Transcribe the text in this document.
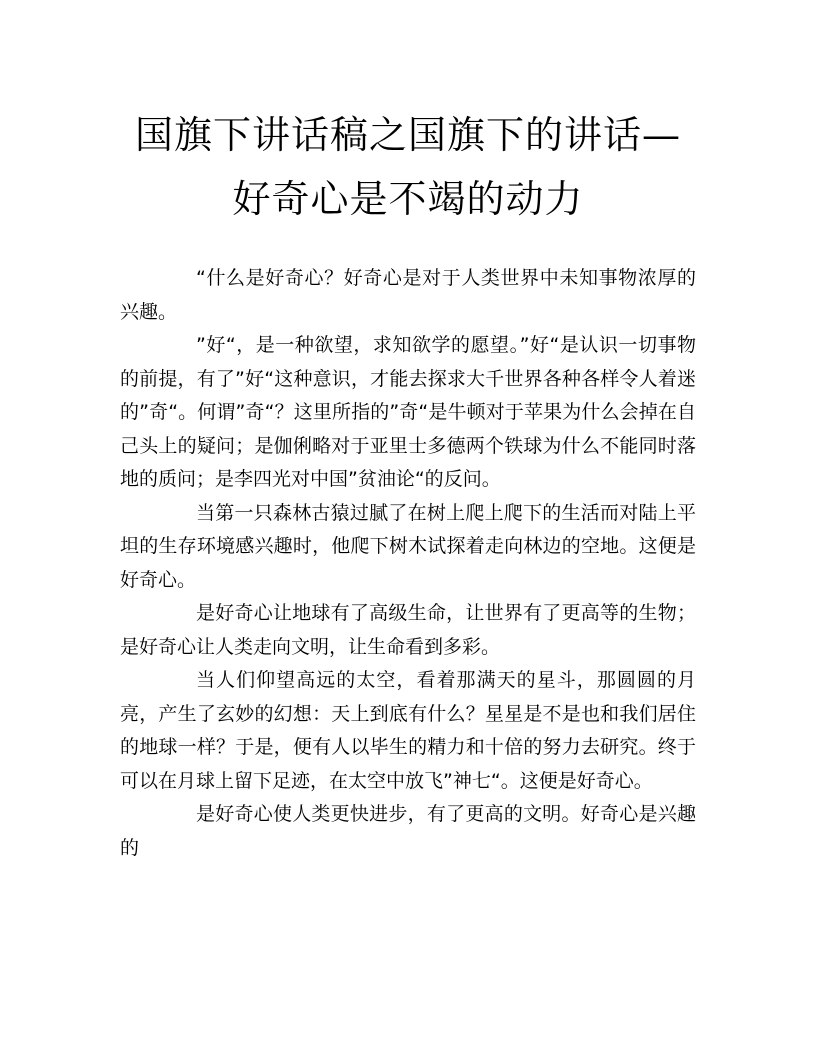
国旗下讲话稿之国旗下的讲话—好奇心是不竭的动力

“什么是好奇心？好奇心是对于人类世界中未知事物浓厚的兴趣。

”好“，是一种欲望，求知欲学的愿望。”好“是认识一切事物的前提，有了”好“这种意识，才能去探求大千世界各种各样令人着迷的”奇“。何谓”奇“？这里所指的”奇“是牛顿对于苹果为什么会掉在自己头上的疑问；是伽俐略对于亚里士多德两个铁球为什么不能同时落地的质问；是李四光对中国”贫油论“的反问。

当第一只森林古猿过腻了在树上爬上爬下的生活而对陆上平坦的生存环境感兴趣时，他爬下树木试探着走向林边的空地。这便是好奇心。

是好奇心让地球有了高级生命，让世界有了更高等的生物；是好奇心让人类走向文明，让生命看到多彩。

当人们仰望高远的太空，看着那满天的星斗，那圆圆的月亮，产生了玄妙的幻想：天上到底有什么？星星是不是也和我们居住的地球一样？于是，便有人以毕生的精力和十倍的努力去研究。终于可以在月球上留下足迹，在太空中放飞”神七“。这便是好奇心。

是好奇心使人类更快进步，有了更高的文明。好奇心是兴趣的
